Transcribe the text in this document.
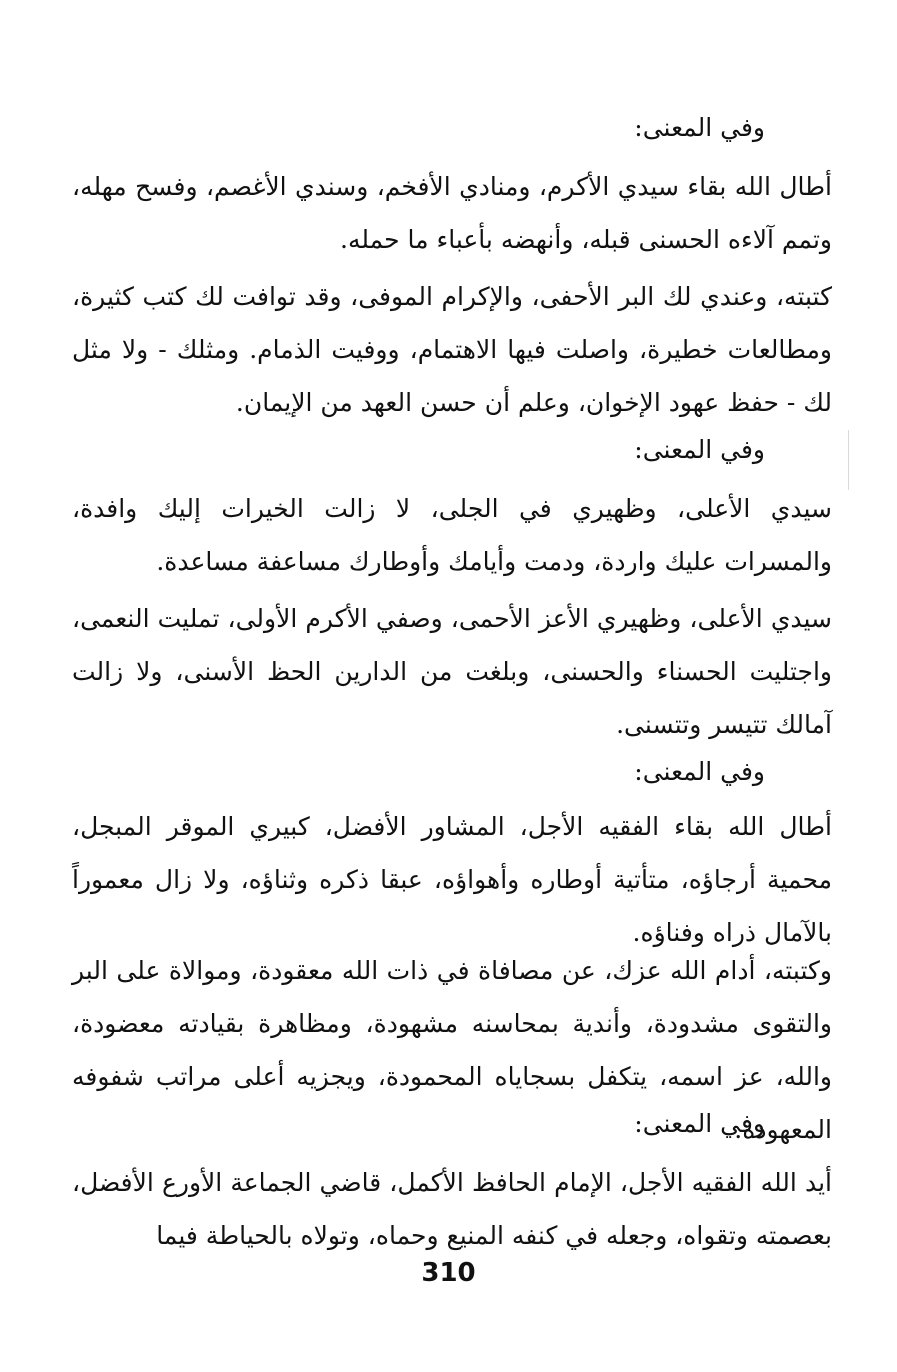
وفي المعنى:

أطال الله بقاء سيدي الأكرم، ومنادي الأفخم، وسندي الأغصم، وفسح مهله، وتمم آلاءه الحسنى قبله، وأنهضه بأعباء ما حمله.

كتبته، وعندي لك البر الأحفى، والإكرام الموفى، وقد توافت لك كتب كثيرة، ومطالعات خطيرة، واصلت فيها الاهتمام، ووفيت الذمام. ومثلك - ولا مثل لك - حفظ عهود الإخوان، وعلم أن حسن العهد من الإيمان.

وفي المعنى:

سيدي الأعلى، وظهيري في الجلى، لا زالت الخيرات إليك وافدة، والمسرات عليك واردة، ودمت وأيامك وأوطارك مساعفة مساعدة.

سيدي الأعلى، وظهيري الأعز الأحمى، وصفي الأكرم الأولى، تمليت النعمى، واجتليت الحسناء والحسنى، وبلغت من الدارين الحظ الأسنى، ولا زالت آمالك تتيسر وتتسنى.

وفي المعنى:

أطال الله بقاء الفقيه الأجل، المشاور الأفضل، كبيري الموقر المبجل، محمية أرجاؤه، متأتية أوطاره وأهواؤه، عبقا ذكره وثناؤه، ولا زال معموراً بالآمال ذراه وفناؤه.

وكتبته، أدام الله عزك، عن مصافاة في ذات الله معقودة، وموالاة على البر والتقوى مشدودة، وأندية بمحاسنه مشهودة، ومظاهرة بقيادته معضودة، والله، عز اسمه، يتكفل بسجاياه المحمودة، ويجزيه أعلى مراتب شفوفه المعهودة.

وفي المعنى:

أيد الله الفقيه الأجل، الإمام الحافظ الأكمل، قاضي الجماعة الأورع الأفضل، بعصمته وتقواه، وجعله في كنفه المنيع وحماه، وتولاه بالحياطة فيما

310
